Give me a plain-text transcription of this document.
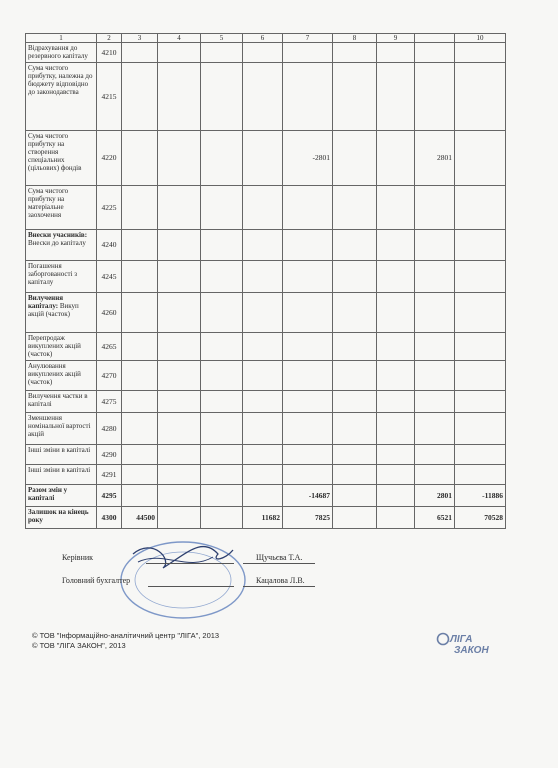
1	2	3	4	5	6	7	8	9		10
Відрахування до резервного капіталу	4210									
Сума чистого прибутку, належна до бюджету відповідно до законодавства	4215									
Сума чистого прибутку на створення спеціальних (цільових) фондів	4220					-2801			2801	
Сума чистого прибутку на матеріальне заохочення	4225									
Внески учасників: Внески до капіталу	4240									
Погашення заборгованості з капіталу	4245									
Вилучення капіталу: Викуп акцій (часток)	4260									
Перепродаж викуплених акцій (часток)	4265									
Анулювання викуплених акцій (часток)	4270									
Вилучення частки в капіталі	4275									
Зменшення номінальної вартості акцій	4280									
Інші зміни в капіталі	4290									
Інші зміни в капіталі	4291									
Разом змін у капіталі	4295					-14687			2801	-11886
Залишок на кінець року	4300	44500			11682	7825			6521	70528
Керівник	Щучьєва Т.А.
Головний бухгалтер	Кацалова Л.В.
© ТОВ "Інформаційно-аналітичний центр "ЛІГА", 2013
© ТОВ "ЛІГА ЗАКОН", 2013
ЛІГА
ЗАКОН
